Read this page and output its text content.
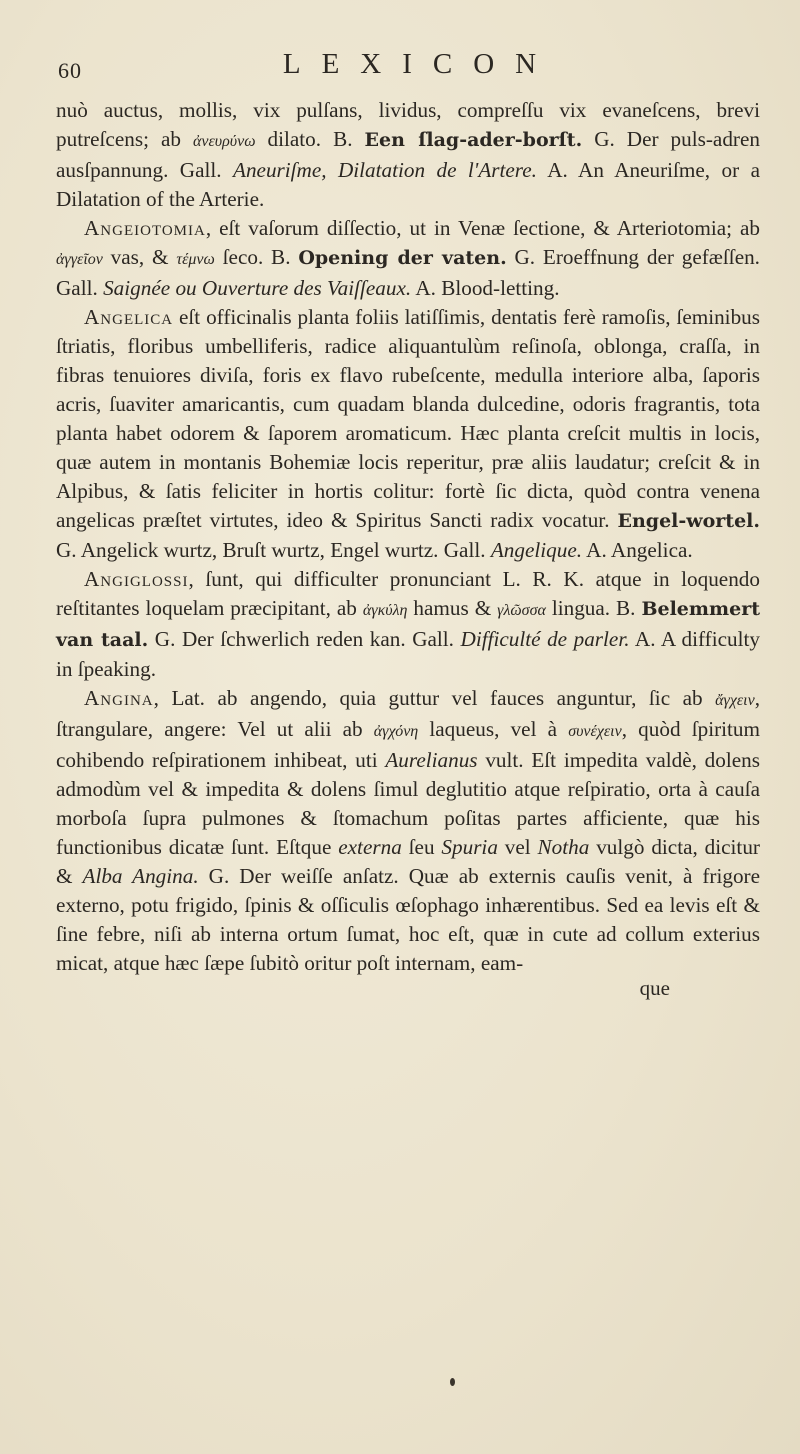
60	LEXICON

nuò auctus, mollis, vix pulſans, lividus, compreſſu vix evaneſcens, brevi putreſcens; ab ἀνευρύνω dilato. B. Een ſlag-ader-borſt. G. Der puls-adren ausſpannung. Gall. Aneuriſme, Dilatation de l'Artere. A. An Aneuriſme, or a Dilatation of the Arterie.

Angeiotomia, eſt vaſorum diſſectio, ut in Venæ ſectione, & Arteriotomia; ab ἀγγεῖον vas, & τέμνω ſeco. B. Opening der vaten. G. Eroeffnung der gefæſſen. Gall. Saignée ou Ouverture des Vaiſſeaux. A. Blood-letting.

Angelica eſt officinalis planta foliis latiſſimis, dentatis ferè ramoſis, ſeminibus ſtriatis, floribus umbelliferis, radice aliquantulùm reſinoſa, oblonga, craſſa, in fibras tenuiores diviſa, foris ex flavo rubeſcente, medulla interiore alba, ſaporis acris, ſuaviter amaricantis, cum quadam blanda dulcedine, odoris fragrantis, tota planta habet odorem & ſaporem aromaticum. Hæc planta creſcit multis in locis, quæ autem in montanis Bohemiæ locis reperitur, præ aliis laudatur; creſcit & in Alpibus, & ſatis feliciter in hortis colitur: fortè ſic dicta, quòd contra venena angelicas præſtet virtutes, ideo & Spiritus Sancti radix vocatur. Engel-wortel. G. Angelick wurtz, Bruſt wurtz, Engel wurtz. Gall. Angelique. A. Angelica.

Angiglossi, ſunt, qui difficulter pronunciant L. R. K. atque in loquendo reſtitantes loquelam præcipitant, ab ἀγκύλη hamus & γλῶσσα lingua. B. Belemmert van taal. G. Der ſchwerlich reden kan. Gall. Difficulté de parler. A. A difficulty in ſpeaking.

Angina, Lat. ab angendo, quia guttur vel fauces anguntur, ſic ab ἄγχειν, ſtrangulare, angere: Vel ut alii ab ἀγχόνη laqueus, vel à συνέχειν, quòd ſpiritum cohibendo reſpirationem inhibeat, uti Aurelianus vult. Eſt impedita valdè, dolens admodùm vel & impedita & dolens ſimul deglutitio atque reſpiratio, orta à cauſa morboſa ſupra pulmones & ſtomachum poſitas partes afficiente, quæ his functionibus dicatæ ſunt. Eſtque externa ſeu Spuria vel Notha vulgò dicta, dicitur & Alba Angina. G. Der weiſſe anſatz. Quæ ab externis cauſis venit, à frigore externo, potu frigido, ſpinis & oſſiculis œſophago inhærentibus. Sed ea levis eſt & ſine febre, niſi ab interna ortum ſumat, hoc eſt, quæ in cute ad collum exterius micat, atque hæc ſæpe ſubitò oritur poſt internam, eam-

que
